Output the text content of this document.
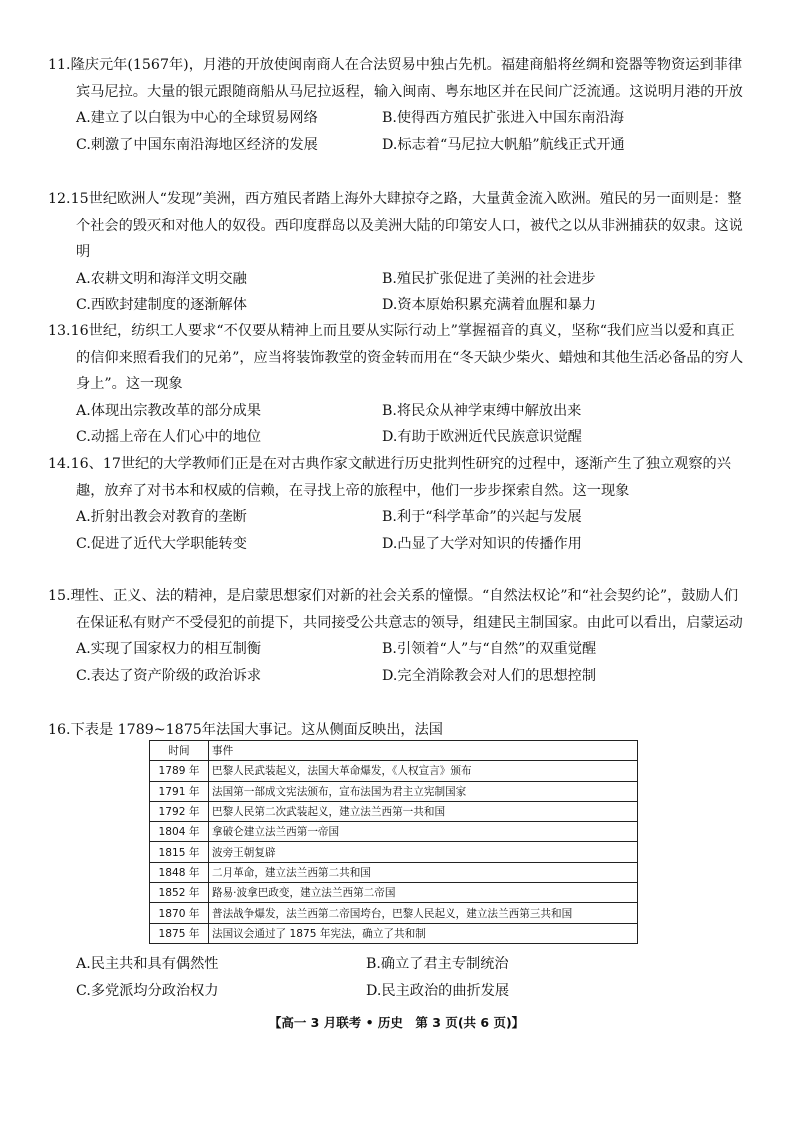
11.隆庆元年(1567年)，月港的开放使闽南商人在合法贸易中独占先机。福建商船将丝绸和瓷器等物资运到菲律宾马尼拉。大量的银元跟随商船从马尼拉返程，输入闽南、粤东地区并在民间广泛流通。这说明月港的开放

A.建立了以白银为中心的全球贸易网络	B.使得西方殖民扩张进入中国东南沿海
C.刺激了中国东南沿海地区经济的发展	D.标志着“马尼拉大帆船”航线正式开通

12.15世纪欧洲人“发现”美洲，西方殖民者踏上海外大肆掠夺之路，大量黄金流入欧洲。殖民的另一面则是：整个社会的毁灭和对他人的奴役。西印度群岛以及美洲大陆的印第安人口，被代之以从非洲捕获的奴隶。这说明

A.农耕文明和海洋文明交融	B.殖民扩张促进了美洲的社会进步
C.西欧封建制度的逐渐解体	D.资本原始积累充满着血腥和暴力

13.16世纪，纺织工人要求“不仅要从精神上而且要从实际行动上”掌握福音的真义，坚称“我们应当以爱和真正的信仰来照看我们的兄弟”，应当将装饰教堂的资金转而用在“冬天缺少柴火、蜡烛和其他生活必备品的穷人身上”。这一现象

A.体现出宗教改革的部分成果	B.将民众从神学束缚中解放出来
C.动摇上帝在人们心中的地位	D.有助于欧洲近代民族意识觉醒

14.16、17世纪的大学教师们正是在对古典作家文献进行历史批判性研究的过程中，逐渐产生了独立观察的兴趣，放弃了对书本和权威的信赖，在寻找上帝的旅程中，他们一步步探索自然。这一现象

A.折射出教会对教育的垄断	B.利于“科学革命”的兴起与发展
C.促进了近代大学职能转变	D.凸显了大学对知识的传播作用

15.理性、正义、法的精神，是启蒙思想家们对新的社会关系的憧憬。“自然法权论”和“社会契约论”，鼓励人们在保证私有财产不受侵犯的前提下，共同接受公共意志的领导，组建民主制国家。由此可以看出，启蒙运动

A.实现了国家权力的相互制衡	B.引领着“人”与“自然”的双重觉醒
C.表达了资产阶级的政治诉求	D.完全消除教会对人们的思想控制

16.下表是 1789~1875年法国大事记。这从侧面反映出，法国

时间	事件
1789 年	巴黎人民武装起义，法国大革命爆发，《人权宣言》颁布
1791 年	法国第一部成文宪法颁布，宣布法国为君主立宪制国家
1792 年	巴黎人民第二次武装起义，建立法兰西第一共和国
1804 年	拿破仑建立法兰西第一帝国
1815 年	波旁王朝复辟
1848 年	二月革命，建立法兰西第二共和国
1852 年	路易·波拿巴政变，建立法兰西第二帝国
1870 年	普法战争爆发，法兰西第二帝国垮台，巴黎人民起义，建立法兰西第三共和国
1875 年	法国议会通过了 1875 年宪法，确立了共和制
A.民主共和具有偶然性	B.确立了君主专制统治
C.多党派均分政治权力	D.民主政治的曲折发展
【高一 3 月联考 • 历史　第 3 页(共 6 页)】
